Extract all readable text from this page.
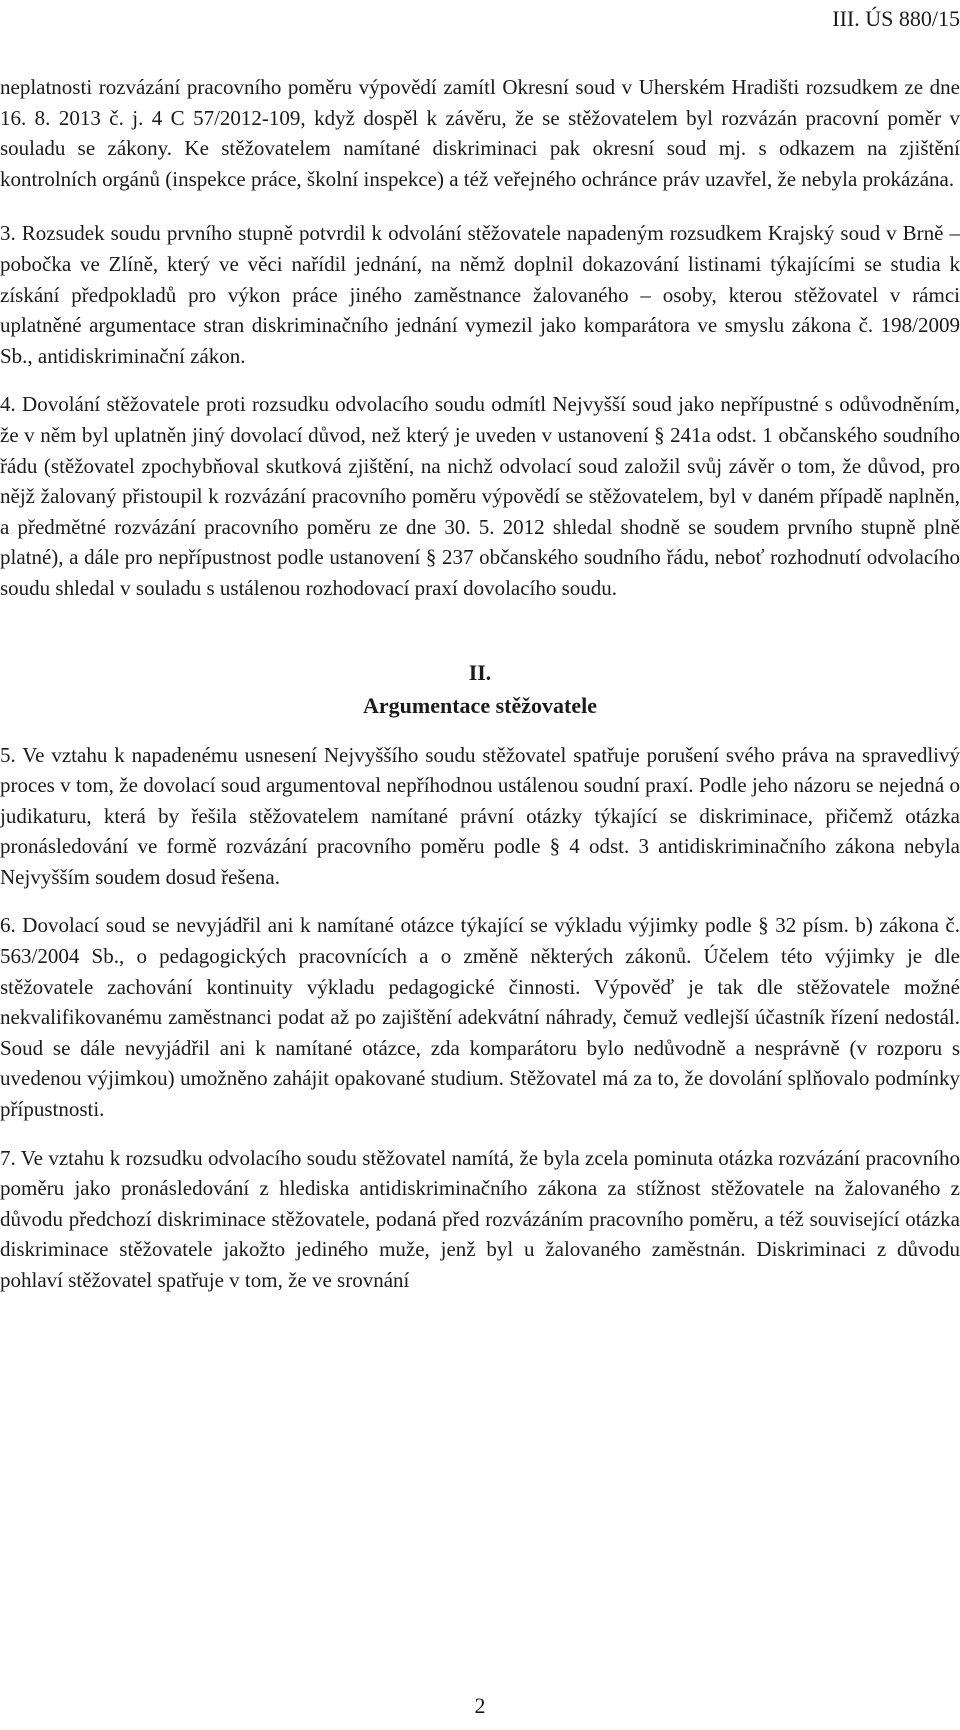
III. ÚS 880/15

neplatnosti rozvázání pracovního poměru výpovědí zamítl Okresní soud v Uherském Hradišti rozsudkem ze dne 16. 8. 2013 č. j. 4 C 57/2012-109, když dospěl k závěru, že se stěžovatelem byl rozvázán pracovní poměr v souladu se zákony. Ke stěžovatelem namítané diskriminaci pak okresní soud mj. s odkazem na zjištění kontrolních orgánů (inspekce práce, školní inspekce) a též veřejného ochránce práv uzavřel, že nebyla prokázána.

3. Rozsudek soudu prvního stupně potvrdil k odvolání stěžovatele napadeným rozsudkem Krajský soud v Brně – pobočka ve Zlíně, který ve věci nařídil jednání, na němž doplnil dokazování listinami týkajícími se studia k získání předpokladů pro výkon práce jiného zaměstnance žalovaného – osoby, kterou stěžovatel v rámci uplatněné argumentace stran diskriminačního jednání vymezil jako komparátora ve smyslu zákona č. 198/2009 Sb., antidiskriminační zákon.

4. Dovolání stěžovatele proti rozsudku odvolacího soudu odmítl Nejvyšší soud jako nepřípustné s odůvodněním, že v něm byl uplatněn jiný dovolací důvod, než který je uveden v ustanovení § 241a odst. 1 občanského soudního řádu (stěžovatel zpochybňoval skutková zjištění, na nichž odvolací soud založil svůj závěr o tom, že důvod, pro nějž žalovaný přistoupil k rozvázání pracovního poměru výpovědí se stěžovatelem, byl v daném případě naplněn, a předmětné rozvázání pracovního poměru ze dne 30. 5. 2012 shledal shodně se soudem prvního stupně plně platné), a dále pro nepřípustnost podle ustanovení § 237 občanského soudního řádu, neboť rozhodnutí odvolacího soudu shledal v souladu s ustálenou rozhodovací praxí dovolacího soudu.

II.
Argumentace stěžovatele

5. Ve vztahu k napadenému usnesení Nejvyššího soudu stěžovatel spatřuje porušení svého práva na spravedlivý proces v tom, že dovolací soud argumentoval nepříhodnou ustálenou soudní praxí. Podle jeho názoru se nejedná o judikaturu, která by řešila stěžovatelem namítané právní otázky týkající se diskriminace, přičemž otázka pronásledování ve formě rozvázání pracovního poměru podle § 4 odst. 3 antidiskriminačního zákona nebyla Nejvyšším soudem dosud řešena.

6. Dovolací soud se nevyjádřil ani k namítané otázce týkající se výkladu výjimky podle § 32 písm. b) zákona č. 563/2004 Sb., o pedagogických pracovnících a o změně některých zákonů. Účelem této výjimky je dle stěžovatele zachování kontinuity výkladu pedagogické činnosti. Výpověď je tak dle stěžovatele možné nekvalifikovanému zaměstnanci podat až po zajištění adekvátní náhrady, čemuž vedlejší účastník řízení nedostál. Soud se dále nevyjádřil ani k namítané otázce, zda komparátoru bylo nedůvodně a nesprávně (v rozporu s uvedenou výjimkou) umožněno zahájit opakované studium. Stěžovatel má za to, že dovolání splňovalo podmínky přípustnosti.

7. Ve vztahu k rozsudku odvolacího soudu stěžovatel namítá, že byla zcela pominuta otázka rozvázání pracovního poměru jako pronásledování z hlediska antidiskriminačního zákona za stížnost stěžovatele na žalovaného z důvodu předchozí diskriminace stěžovatele, podaná před rozvázáním pracovního poměru, a též související otázka diskriminace stěžovatele jakožto jediného muže, jenž byl u žalovaného zaměstnán. Diskriminaci z důvodu pohlaví stěžovatel spatřuje v tom, že ve srovnání

2
